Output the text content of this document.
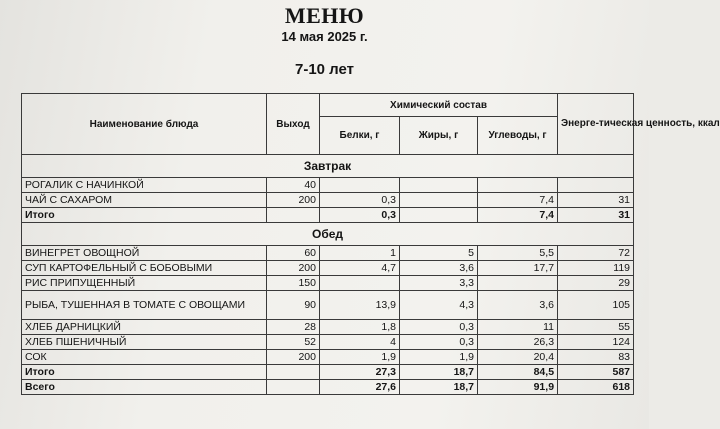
МЕНЮ
14 мая 2025 г.
7-10 лет
Наименование блюда	Выход	Химический состав			Энерге-тическая ценность, ккал
		Белки, г	Жиры, г	Углеводы, г	
Завтрак					
РОГАЛИК С НАЧИНКОЙ	40				
ЧАЙ С САХАРОМ	200	0,3		7,4	31
Итого		0,3		7,4	31
Обед					
ВИНЕГРЕТ ОВОЩНОЙ	60	1	5	5,5	72
СУП КАРТОФЕЛЬНЫЙ С БОБОВЫМИ	200	4,7	3,6	17,7	119
РИС ПРИПУЩЕННЫЙ	150		3,3		29
РЫБА, ТУШЕННАЯ В ТОМАТЕ С ОВОЩАМИ	90	13,9	4,3	3,6	105
ХЛЕБ ДАРНИЦКИЙ	28	1,8	0,3	11	55
ХЛЕБ ПШЕНИЧНЫЙ	52	4	0,3	26,3	124
СОК	200	1,9	1,9	20,4	83
Итого		27,3	18,7	84,5	587
Всего		27,6	18,7	91,9	618
